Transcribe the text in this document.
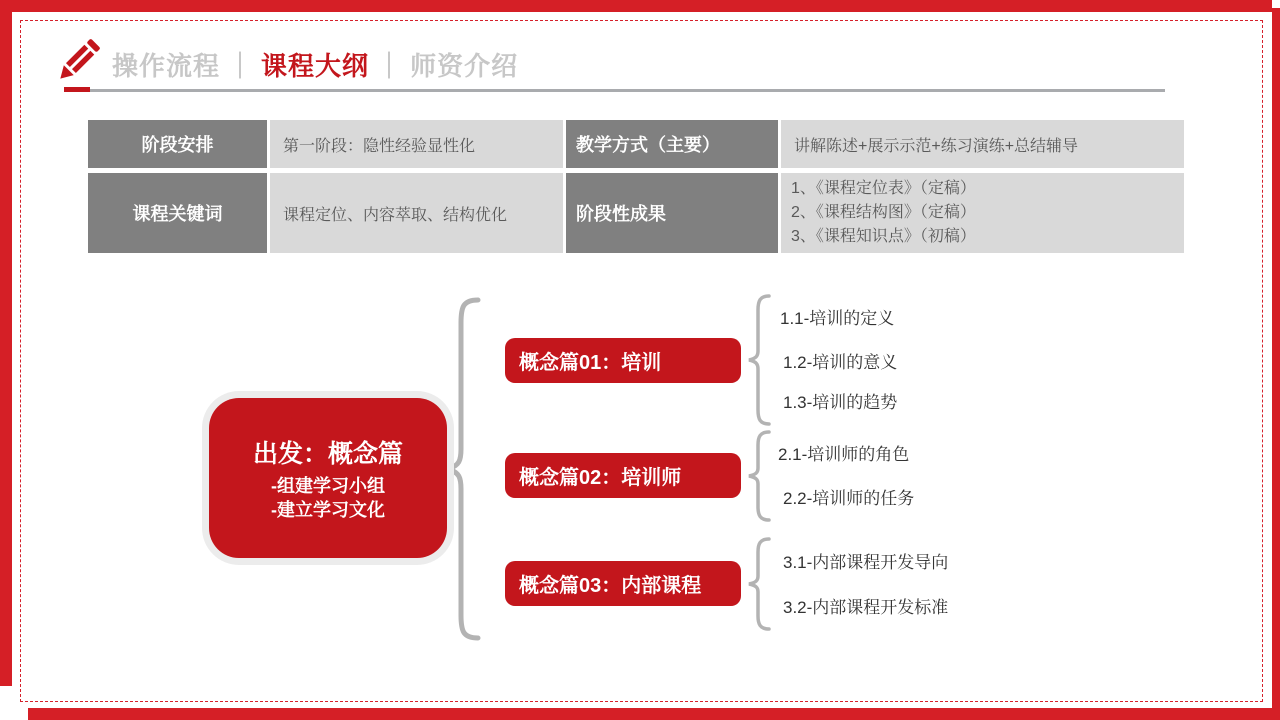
操作流程 ｜ 课程大纲 ｜ 师资介绍
阶段安排	第一阶段：隐性经验显性化	教学方式（主要）	讲解陈述+展示示范+练习演练+总结辅导
课程关键词	课程定位、内容萃取、结构优化	阶段性成果
1、《课程定位表》（定稿）
2、《课程结构图》（定稿）
3、《课程知识点》（初稿）
出发：概念篇
-组建学习小组
-建立学习文化
概念篇01：培训
概念篇02：培训师
概念篇03：内部课程
1.1-培训的定义
1.2-培训的意义
1.3-培训的趋势
2.1-培训师的角色
2.2-培训师的任务
3.1-内部课程开发导向
3.2-内部课程开发标准
